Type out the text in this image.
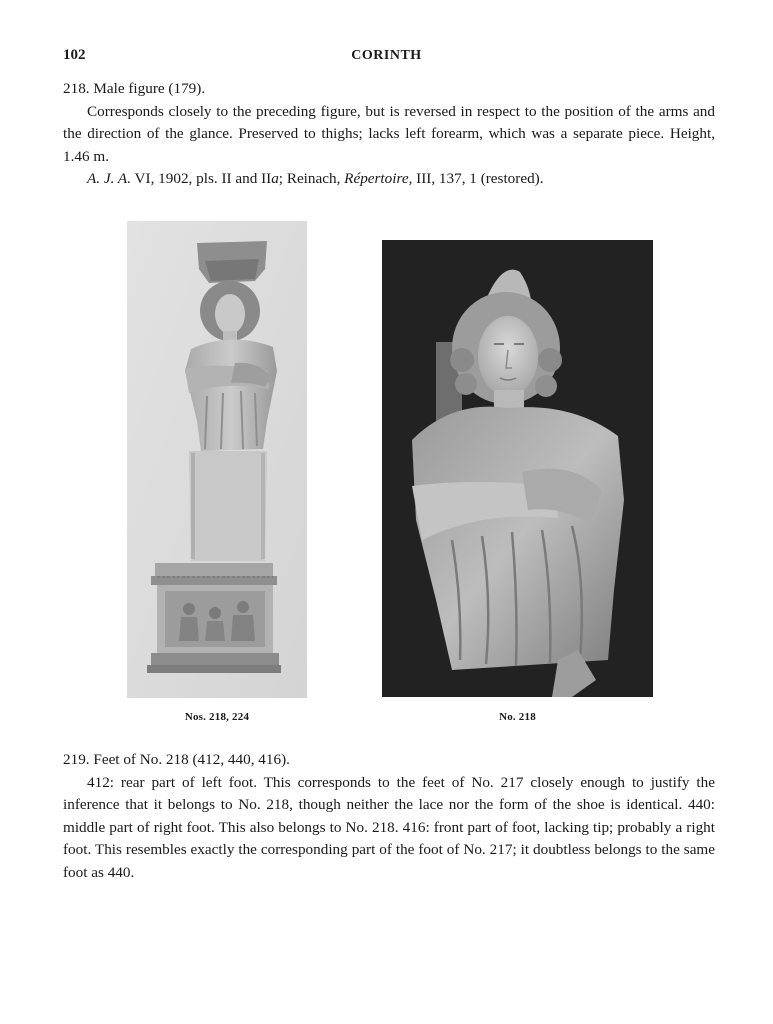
102	CORINTH

218. Male figure (179).

Corresponds closely to the preceding figure, but is reversed in respect to the position of the arms and the direction of the glance. Preserved to thighs; lacks left forearm, which was a separate piece. Height, 1.46 m.

A. J. A. VI, 1902, pls. II and IIa; Reinach, Répertoire, III, 137, 1 (restored).

Nos. 218, 224	No. 218

219. Feet of No. 218 (412, 440, 416).

412: rear part of left foot. This corresponds to the feet of No. 217 closely enough to justify the inference that it belongs to No. 218, though neither the lace nor the form of the shoe is identical. 440: middle part of right foot. This also belongs to No. 218. 416: front part of foot, lacking tip; probably a right foot. This resembles exactly the corresponding part of the foot of No. 217; it doubtless belongs to the same foot as 440.
